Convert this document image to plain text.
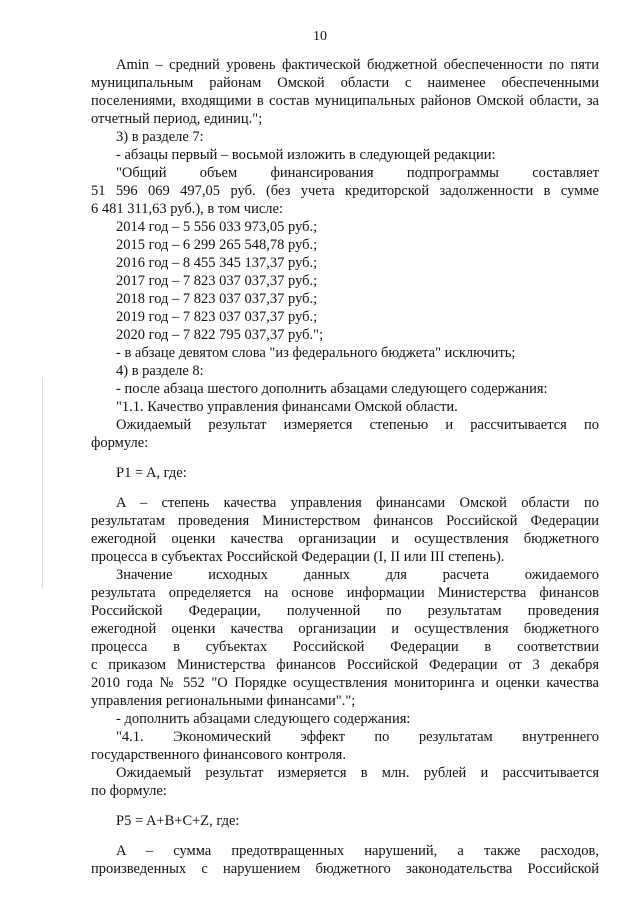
10
Amin – средний уровень фактической бюджетной обеспеченности по пяти
муниципальным районам Омской области с наименее обеспеченными
поселениями, входящими в состав муниципальных районов Омской области, за
отчетный период, единиц.";
3) в разделе 7:
- абзацы первый – восьмой изложить в следующей редакции:
"Общий объем финансирования подпрограммы составляет
51 596 069 497,05 руб. (без учета кредиторской задолженности в сумме
6 481 311,63 руб.), в том числе:
2014 год – 5 556 033 973,05 руб.;
2015 год – 6 299 265 548,78 руб.;
2016 год – 8 455 345 137,37 руб.;
2017 год – 7 823 037 037,37 руб.;
2018 год – 7 823 037 037,37 руб.;
2019 год – 7 823 037 037,37 руб.;
2020 год – 7 822 795 037,37 руб.";
- в абзаце девятом слова "из федерального бюджета" исключить;
4) в разделе 8:
- после абзаца шестого дополнить абзацами следующего содержания:
"1.1. Качество управления финансами Омской области.
Ожидаемый результат измеряется степенью и рассчитывается по
формуле:
P1 = A, где:
A – степень качества управления финансами Омской области по
результатам проведения Министерством финансов Российской Федерации
ежегодной оценки качества организации и осуществления бюджетного
процесса в субъектах Российской Федерации (I, II или III степень).
Значение исходных данных для расчета ожидаемого
результата определяется на основе информации Министерства финансов
Российской Федерации, полученной по результатам проведения
ежегодной оценки качества организации и осуществления бюджетного
процесса в субъектах Российской Федерации в соответствии
с приказом Министерства финансов Российской Федерации от 3 декабря
2010 года № 552 "О Порядке осуществления мониторинга и оценки качества
управления региональными финансами".";
- дополнить абзацами следующего содержания:
"4.1. Экономический эффект по результатам внутреннего
государственного финансового контроля.
Ожидаемый результат измеряется в млн. рублей и рассчитывается
по формуле:
P5 = A+B+C+Z, где:
A – сумма предотвращенных нарушений, а также расходов,
произведенных с нарушением бюджетного законодательства Российской
